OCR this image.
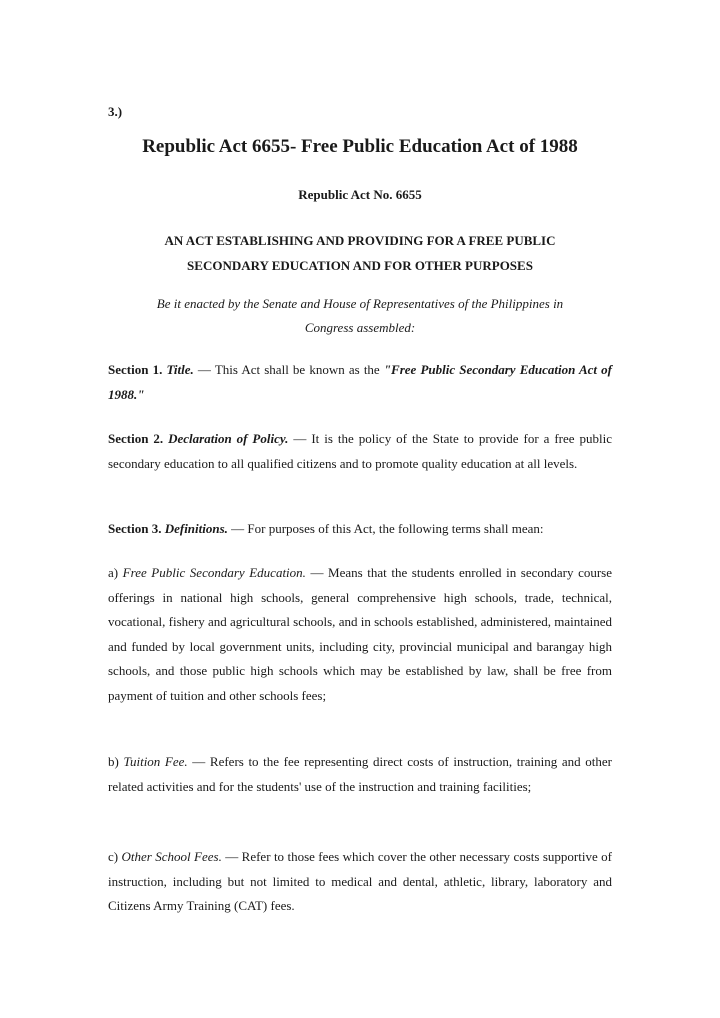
3.)
Republic Act 6655- Free Public Education Act of 1988
Republic Act No. 6655
AN ACT ESTABLISHING AND PROVIDING FOR A FREE PUBLIC
SECONDARY EDUCATION AND FOR OTHER PURPOSES
Be it enacted by the Senate and House of Representatives of the Philippines in
Congress assembled:

Section 1. Title. — This Act shall be known as the "Free Public Secondary Education Act of 1988."

Section 2. Declaration of Policy. — It is the policy of the State to provide for a free public secondary education to all qualified citizens and to promote quality education at all levels.

Section 3. Definitions. — For purposes of this Act, the following terms shall mean:

a) Free Public Secondary Education. — Means that the students enrolled in secondary course offerings in national high schools, general comprehensive high schools, trade, technical, vocational, fishery and agricultural schools, and in schools established, administered, maintained and funded by local government units, including city, provincial municipal and barangay high schools, and those public high schools which may be established by law, shall be free from payment of tuition and other schools fees;

b) Tuition Fee. — Refers to the fee representing direct costs of instruction, training and other related activities and for the students' use of the instruction and training facilities;

c) Other School Fees. — Refer to those fees which cover the other necessary costs supportive of instruction, including but not limited to medical and dental, athletic, library, laboratory and Citizens Army Training (CAT) fees.
